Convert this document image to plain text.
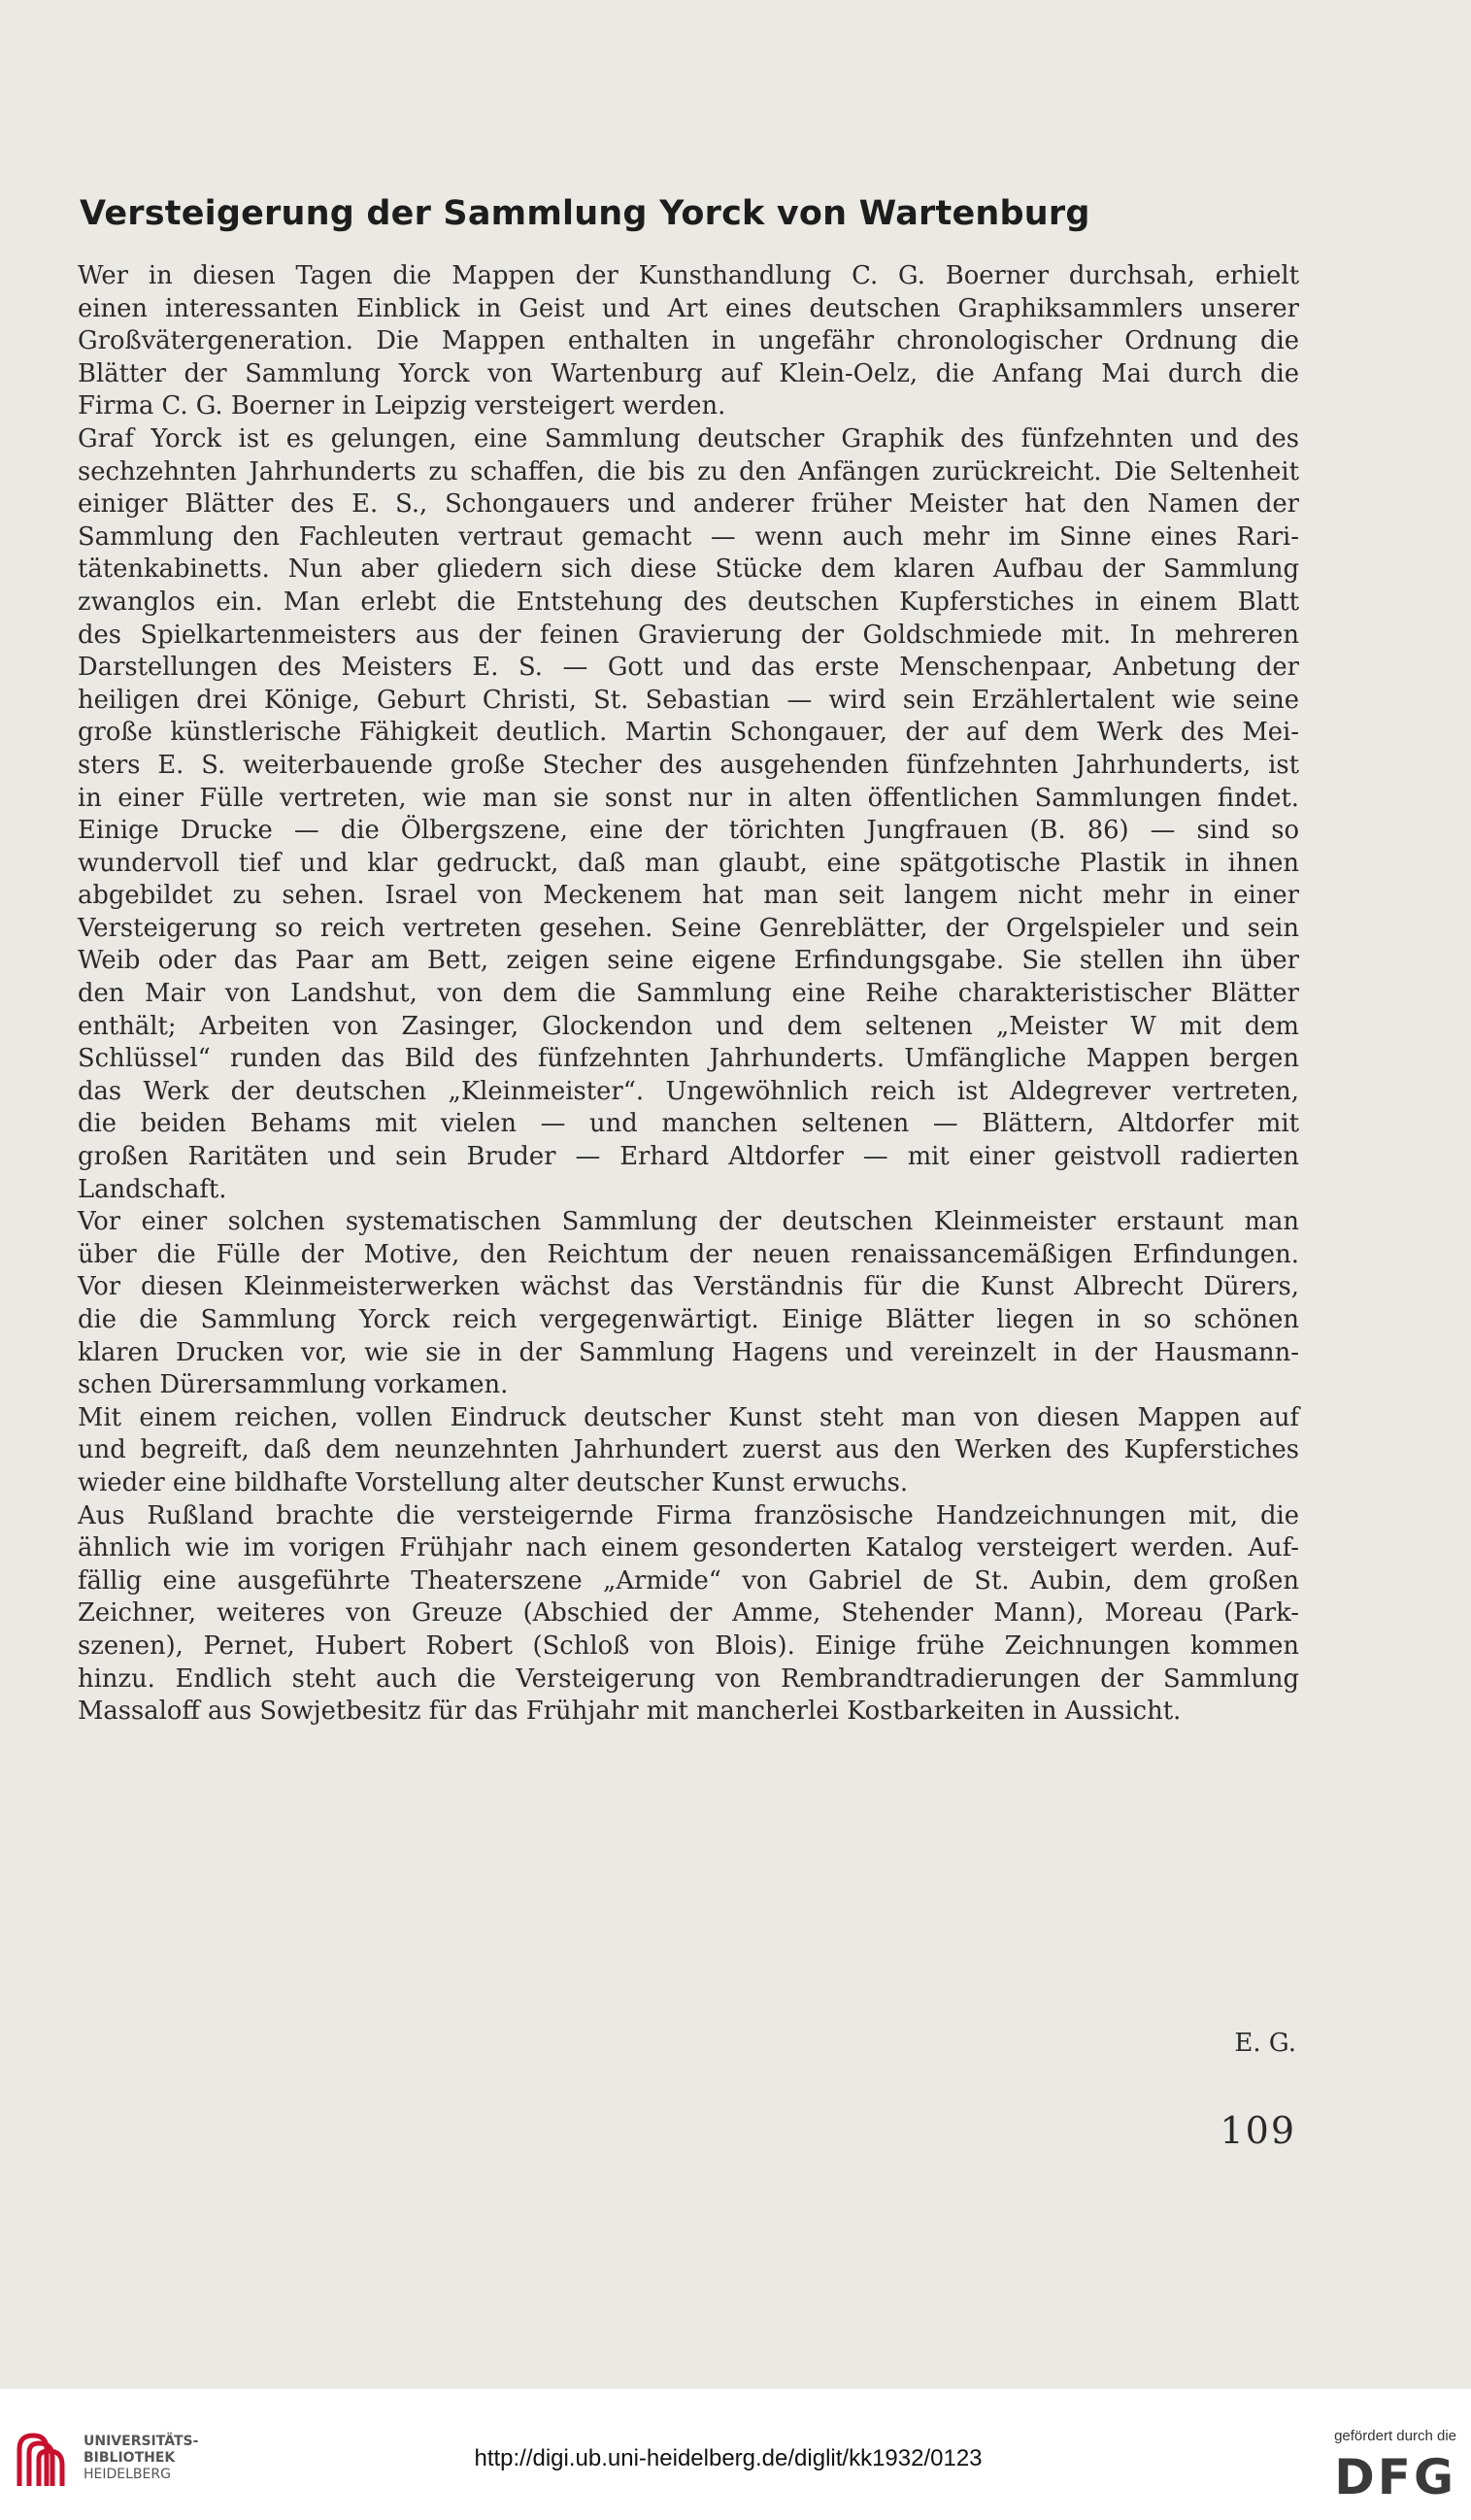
Versteigerung der Sammlung Yorck von Wartenburg

Wer in diesen Tagen die Mappen der Kunsthandlung C. G. Boerner durchsah, erhielt
einen interessanten Einblick in Geist und Art eines deutschen Graphiksammlers unserer
Großvätergeneration. Die Mappen enthalten in ungefähr chronologischer Ordnung die
Blätter der Sammlung Yorck von Wartenburg auf Klein-Oelz, die Anfang Mai durch die
Firma C. G. Boerner in Leipzig versteigert werden.

Graf Yorck ist es gelungen, eine Sammlung deutscher Graphik des fünfzehnten und des
sechzehnten Jahrhunderts zu schaffen, die bis zu den Anfängen zurückreicht. Die Seltenheit
einiger Blätter des E. S., Schongauers und anderer früher Meister hat den Namen der
Sammlung den Fachleuten vertraut gemacht — wenn auch mehr im Sinne eines Rari-
tätenkabinetts. Nun aber gliedern sich diese Stücke dem klaren Aufbau der Sammlung
zwanglos ein. Man erlebt die Entstehung des deutschen Kupferstiches in einem Blatt
des Spielkartenmeisters aus der feinen Gravierung der Goldschmiede mit. In mehreren
Darstellungen des Meisters E. S. — Gott und das erste Menschenpaar, Anbetung der
heiligen drei Könige, Geburt Christi, St. Sebastian — wird sein Erzählertalent wie seine
große künstlerische Fähigkeit deutlich. Martin Schongauer, der auf dem Werk des Mei-
sters E. S. weiterbauende große Stecher des ausgehenden fünfzehnten Jahrhunderts, ist
in einer Fülle vertreten, wie man sie sonst nur in alten öffentlichen Sammlungen findet.
Einige Drucke — die Ölbergszene, eine der törichten Jungfrauen (B. 86) — sind so
wundervoll tief und klar gedruckt, daß man glaubt, eine spätgotische Plastik in ihnen
abgebildet zu sehen. Israel von Meckenem hat man seit langem nicht mehr in einer
Versteigerung so reich vertreten gesehen. Seine Genreblätter, der Orgelspieler und sein
Weib oder das Paar am Bett, zeigen seine eigene Erfindungsgabe. Sie stellen ihn über
den Mair von Landshut, von dem die Sammlung eine Reihe charakteristischer Blätter
enthält; Arbeiten von Zasinger, Glockendon und dem seltenen „Meister W mit dem
Schlüssel“ runden das Bild des fünfzehnten Jahrhunderts. Umfängliche Mappen bergen
das Werk der deutschen „Kleinmeister“. Ungewöhnlich reich ist Aldegrever vertreten,
die beiden Behams mit vielen — und manchen seltenen — Blättern, Altdorfer mit
großen Raritäten und sein Bruder — Erhard Altdorfer — mit einer geistvoll radierten
Landschaft.

Vor einer solchen systematischen Sammlung der deutschen Kleinmeister erstaunt man
über die Fülle der Motive, den Reichtum der neuen renaissancemäßigen Erfindungen.
Vor diesen Kleinmeisterwerken wächst das Verständnis für die Kunst Albrecht Dürers,
die die Sammlung Yorck reich vergegenwärtigt. Einige Blätter liegen in so schönen
klaren Drucken vor, wie sie in der Sammlung Hagens und vereinzelt in der Hausmann-
schen Dürersammlung vorkamen.

Mit einem reichen, vollen Eindruck deutscher Kunst steht man von diesen Mappen auf
und begreift, daß dem neunzehnten Jahrhundert zuerst aus den Werken des Kupferstiches
wieder eine bildhafte Vorstellung alter deutscher Kunst erwuchs.

Aus Rußland brachte die versteigernde Firma französische Handzeichnungen mit, die
ähnlich wie im vorigen Frühjahr nach einem gesonderten Katalog versteigert werden. Auf-
fällig eine ausgeführte Theaterszene „Armide“ von Gabriel de St. Aubin, dem großen
Zeichner, weiteres von Greuze (Abschied der Amme, Stehender Mann), Moreau (Park-
szenen), Pernet, Hubert Robert (Schloß von Blois). Einige frühe Zeichnungen kommen
hinzu. Endlich steht auch die Versteigerung von Rembrandtradierungen der Sammlung
Massaloff aus Sowjetbesitz für das Frühjahr mit mancherlei Kostbarkeiten in Aussicht.

E. G.
109
UNIVERSITÄTS-
BIBLIOTHEK
HEIDELBERG
http://digi.ub.uni-heidelberg.de/diglit/kk1932/0123
gefördert durch die
DFG
